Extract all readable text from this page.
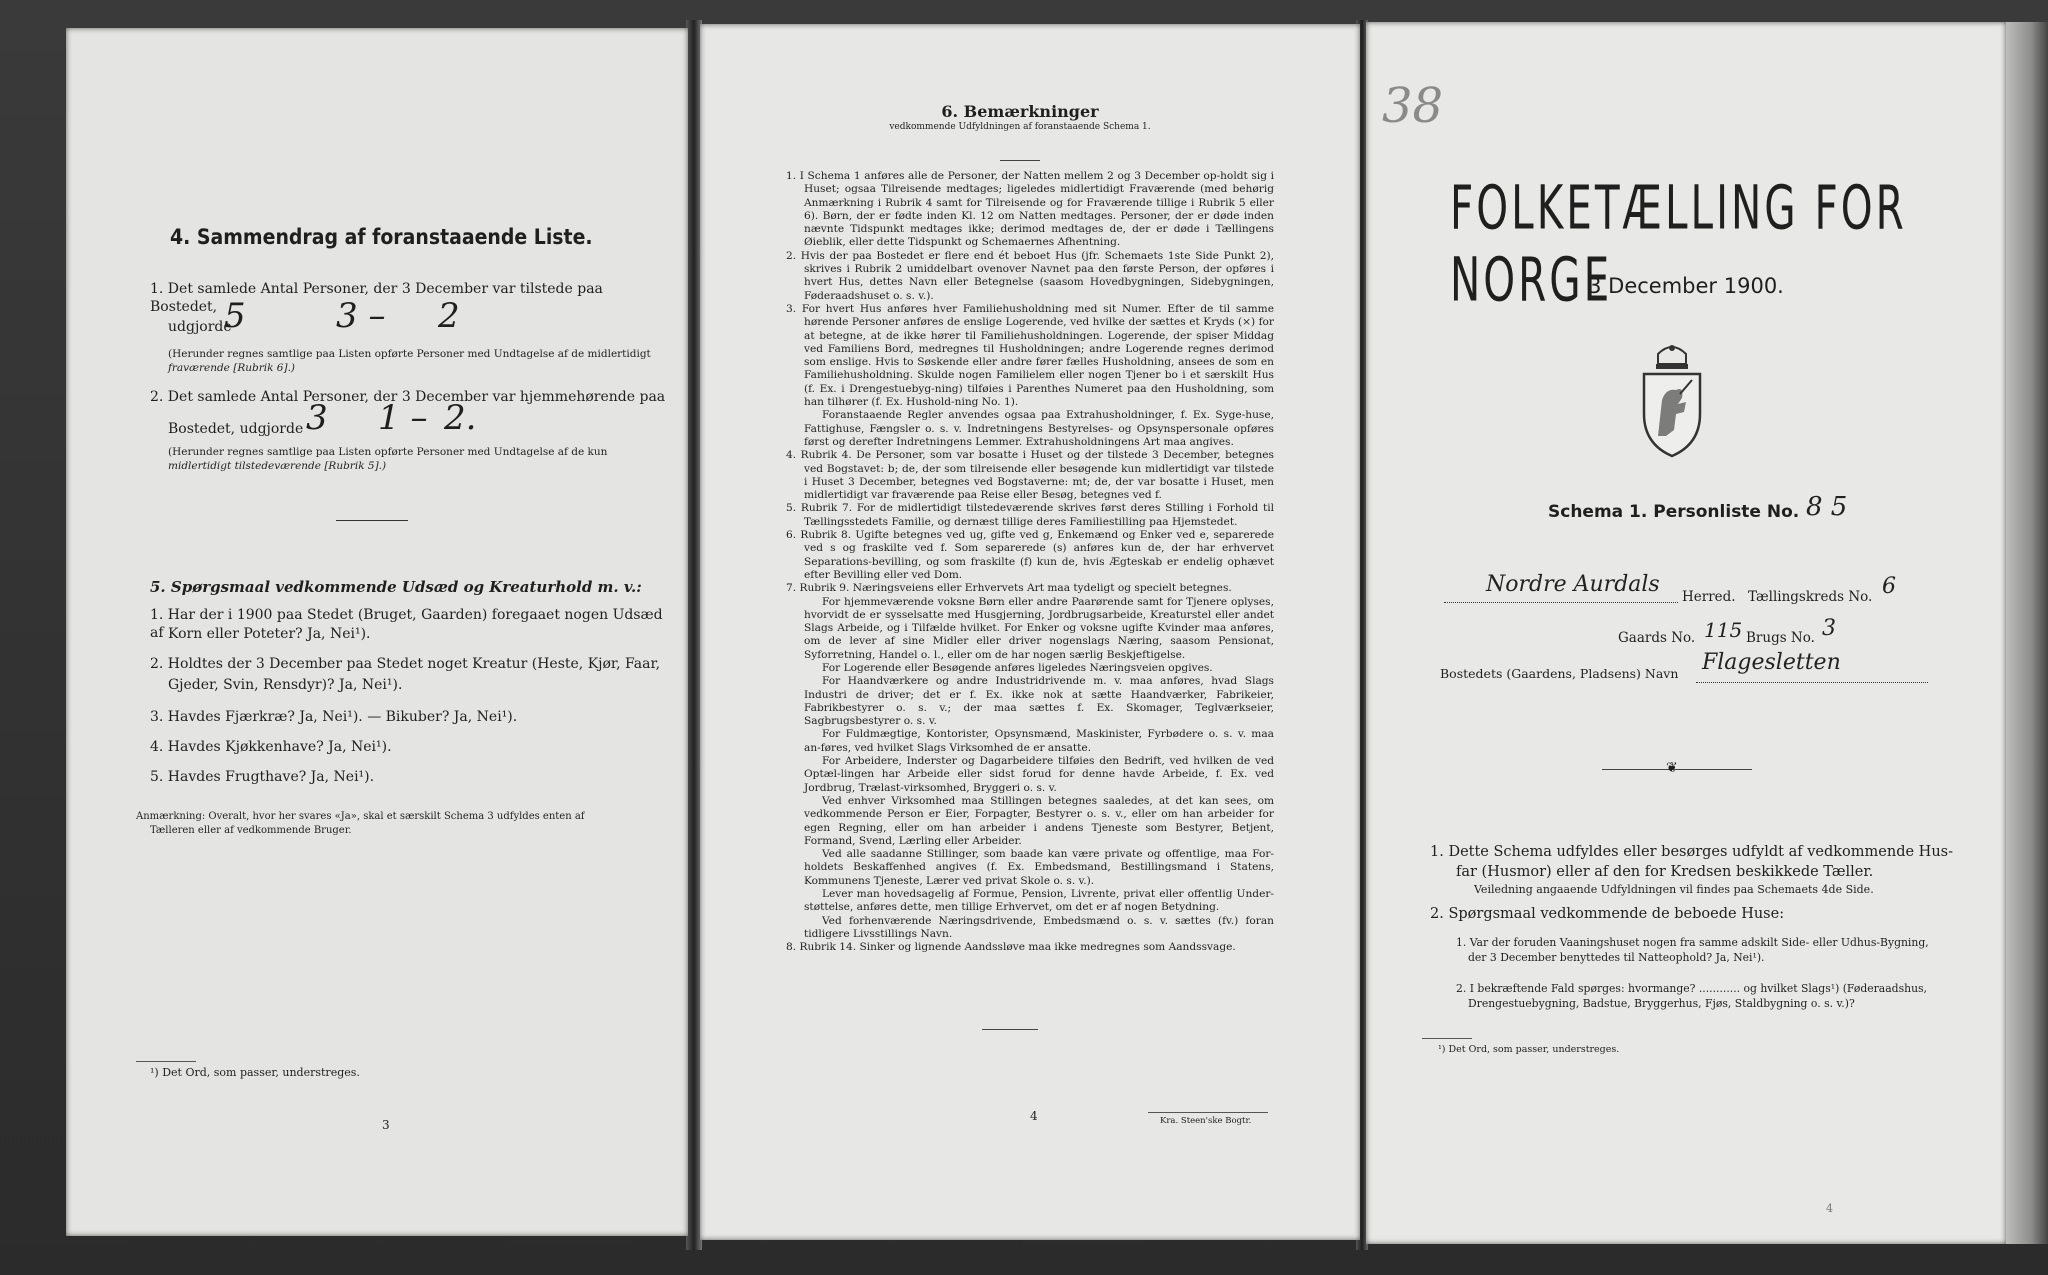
4. Sammendrag af foranstaaende Liste.
1. Det samlede Antal Personer, der 3 December var tilstede paa Bostedet,
udgjorde
5	3 – 2
(Herunder regnes samtlige paa Listen opførte Personer med Undtagelse af de midlertidigt
fraværende [Rubrik 6].)
2. Det samlede Antal Personer, der 3 December var hjemmehørende paa
Bostedet, udgjorde 3 1 – 2.
(Herunder regnes samtlige paa Listen opførte Personer med Undtagelse af de kun
midlertidigt tilstedeværende [Rubrik 5].)
5. Spørgsmaal vedkommende Udsæd og Kreaturhold m. v.:
1. Har der i 1900 paa Stedet (Bruget, Gaarden) foregaaet nogen Udsæd af Korn eller Poteter? Ja, Nei¹).
2. Holdtes der 3 December paa Stedet noget Kreatur (Heste, Kjør, Faar,
Gjeder, Svin, Rensdyr)? Ja, Nei¹).
3. Havdes Fjærkræ? Ja, Nei¹). — Bikuber? Ja, Nei¹).
4. Havdes Kjøkkenhave? Ja, Nei¹).
5. Havdes Frugthave? Ja, Nei¹).
Anmærkning: Overalt, hvor her svares «Ja», skal et særskilt Schema 3 udfyldes enten af
Tælleren eller af vedkommende Bruger.
¹) Det Ord, som passer, understreges.
3
6. Bemærkninger
vedkommende Udfyldningen af foranstaaende Schema 1.

1. I Schema 1 anføres alle de Personer, der Natten mellem 2 og 3 December op-holdt sig i Huset; ogsaa Tilreisende medtages; ligeledes midlertidigt Fraværende (med behørig Anmærkning i Rubrik 4 samt for Tilreisende og for Fraværende tillige i Rubrik 5 eller 6). Børn, der er fødte inden Kl. 12 om Natten medtages. Personer, der er døde inden nævnte Tidspunkt medtages ikke; derimod medtages de, der er døde i Tællingens Øieblik, eller dette Tidspunkt og Schemaernes Afhentning.

2. Hvis der paa Bostedet er flere end ét beboet Hus (jfr. Schemaets 1ste Side Punkt 2), skrives i Rubrik 2 umiddelbart ovenover Navnet paa den første Person, der opføres i hvert Hus, dettes Navn eller Betegnelse (saasom Hovedbygningen, Sidebygningen, Føderaadshuset o. s. v.).

3. For hvert Hus anføres hver Familiehusholdning med sit Numer. Efter de til samme hørende Personer anføres de enslige Logerende, ved hvilke der sættes et Kryds (×) for at betegne, at de ikke hører til Familiehusholdningen. Logerende, der spiser Middag ved Familiens Bord, medregnes til Husholdningen; andre Logerende regnes derimod som enslige. Hvis to Søskende eller andre fører fælles Husholdning, ansees de som en Familiehusholdning. Skulde nogen Familielem eller nogen Tjener bo i et særskilt Hus (f. Ex. i Drengestuebyg-ning) tilføies i Parenthes Numeret paa den Husholdning, som han tilhører (f. Ex. Hushold-ning No. 1).

Foranstaaende Regler anvendes ogsaa paa Extrahusholdninger, f. Ex. Syge-huse, Fattighuse, Fængsler o. s. v. Indretningens Bestyrelses- og Opsynspersonale opføres først og derefter Indretningens Lemmer. Extrahusholdningens Art maa angives.

4. Rubrik 4. De Personer, som var bosatte i Huset og der tilstede 3 December, betegnes ved Bogstavet: b; de, der som tilreisende eller besøgende kun midlertidigt var tilstede i Huset 3 December, betegnes ved Bogstaverne: mt; de, der var bosatte i Huset, men midlertidigt var fraværende paa Reise eller Besøg, betegnes ved f.

5. Rubrik 7. For de midlertidigt tilstedeværende skrives først deres Stilling i Forhold til Tællingsstedets Familie, og dernæst tillige deres Familiestilling paa Hjemstedet.

6. Rubrik 8. Ugifte betegnes ved ug, gifte ved g, Enkemænd og Enker ved e, separerede ved s og fraskilte ved f. Som separerede (s) anføres kun de, der har erhvervet Separations-bevilling, og som fraskilte (f) kun de, hvis Ægteskab er endelig ophævet efter Bevilling eller ved Dom.

7. Rubrik 9. Næringsveiens eller Erhvervets Art maa tydeligt og specielt betegnes.

For hjemmeværende voksne Børn eller andre Paarørende samt for Tjenere oplyses, hvorvidt de er sysselsatte med Husgjerning, Jordbrugsarbeide, Kreaturstel eller andet Slags Arbeide, og i Tilfælde hvilket. For Enker og voksne ugifte Kvinder maa anføres, om de lever af sine Midler eller driver nogenslags Næring, saasom Pensionat, Syforretning, Handel o. l., eller om de har nogen særlig Beskjeftigelse.

For Logerende eller Besøgende anføres ligeledes Næringsveien opgives.

For Haandværkere og andre Industridrivende m. v. maa anføres, hvad Slags Industri de driver; det er f. Ex. ikke nok at sætte Haandværker, Fabrikeier, Fabrikbestyrer o. s. v.; der maa sættes f. Ex. Skomager, Teglværkseier, Sagbrugsbestyrer o. s. v.

For Fuldmægtige, Kontorister, Opsynsmænd, Maskinister, Fyrbødere o. s. v. maa an-føres, ved hvilket Slags Virksomhed de er ansatte.

For Arbeidere, Inderster og Dagarbeidere tilføies den Bedrift, ved hvilken de ved Optæl-lingen har Arbeide eller sidst forud for denne havde Arbeide, f. Ex. ved Jordbrug, Trælast-virksomhed, Bryggeri o. s. v.

Ved enhver Virksomhed maa Stillingen betegnes saaledes, at det kan sees, om vedkommende Person er Eier, Forpagter, Bestyrer o. s. v., eller om han arbeider for egen Regning, eller om han arbeider i andens Tjeneste som Bestyrer, Betjent, Formand, Svend, Lærling eller Arbeider.

Ved alle saadanne Stillinger, som baade kan være private og offentlige, maa For-holdets Beskaffenhed angives (f. Ex. Embedsmand, Bestillingsmand i Statens, Kommunens Tjeneste, Lærer ved privat Skole o. s. v.).

Lever man hovedsagelig af Formue, Pension, Livrente, privat eller offentlig Under-støttelse, anføres dette, men tillige Erhvervet, om det er af nogen Betydning.

Ved forhenværende Næringsdrivende, Embedsmænd o. s. v. sættes (fv.) foran tidligere Livsstillings Navn.

8. Rubrik 14. Sinker og lignende Aandssløve maa ikke medregnes som Aandssvage.

4	Kra. Steen'ske Bogtr.
38
FOLKETÆLLING FOR NORGE
3 December 1900.
Schema 1. Personliste No. 8 5
Nordre Aurdals Herred. Tællingskreds No. 6
Gaards No. 115 Brugs No. 3
Bostedets (Gaardens, Pladsens) Navn Flagesletten
❦
1. Dette Schema udfyldes eller besørges udfyldt af vedkommende Hus-
far (Husmor) eller af den for Kredsen beskikkede Tæller.
Veiledning angaaende Udfyldningen vil findes paa Schemaets 4de Side.
2. Spørgsmaal vedkommende de beboede Huse:
1. Var der foruden Vaaningshuset nogen fra samme adskilt Side- eller Udhus-Bygning,
der 3 December benyttedes til Natteophold? Ja, Nei¹).
2. I bekræftende Fald spørges: hvormange? ............ og hvilket Slags¹) (Føderaadshus,
Drengestuebygning, Badstue, Bryggerhus, Fjøs, Staldbygning o. s. v.)?
¹) Det Ord, som passer, understreges.
4
